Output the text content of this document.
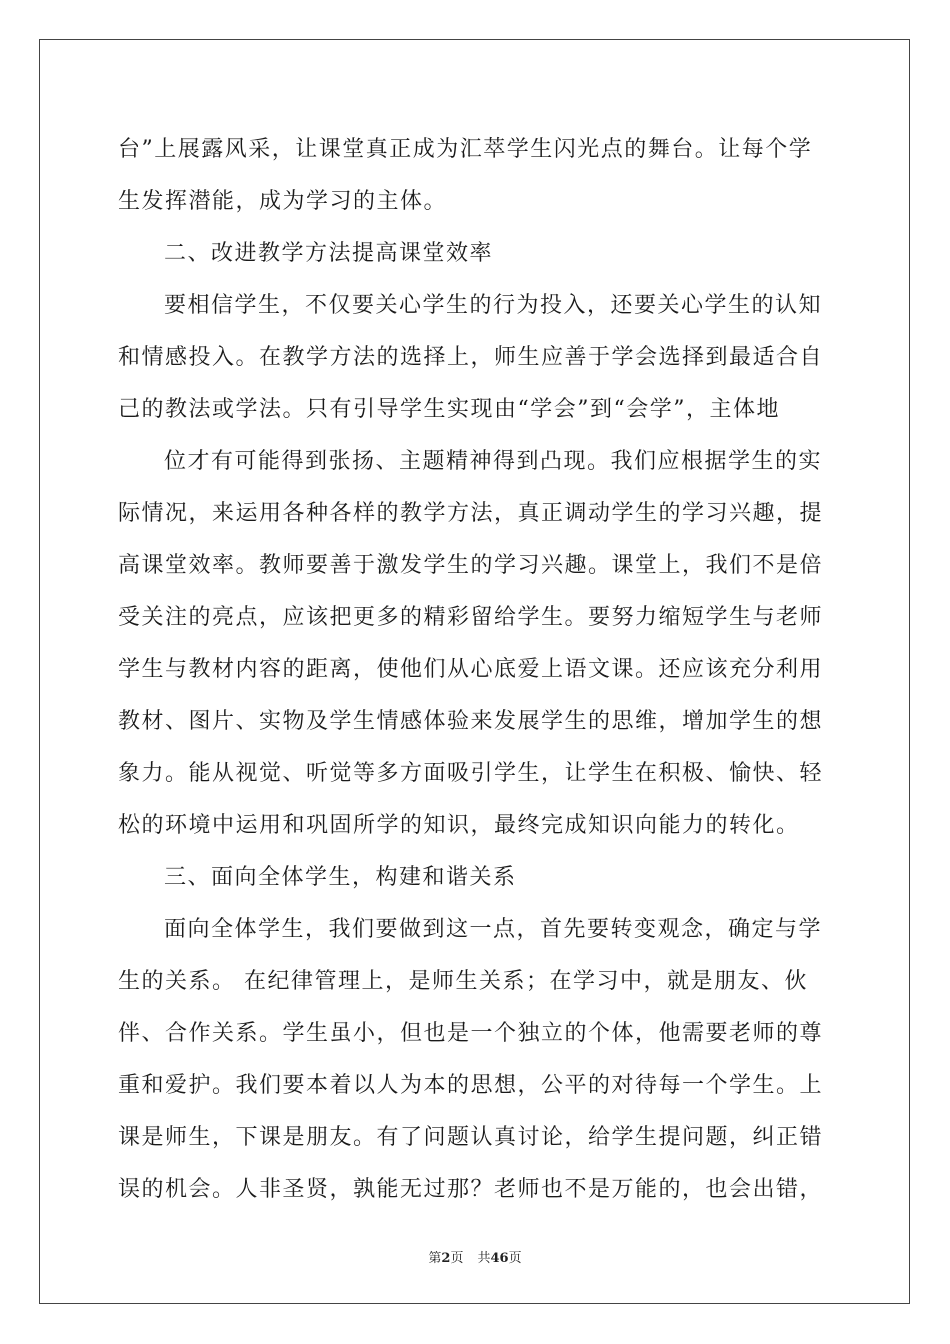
台”上展露风采，让课堂真正成为汇萃学生闪光点的舞台。让每个学
生发挥潜能，成为学习的主体。
二、改进教学方法提高课堂效率
要相信学生，不仅要关心学生的行为投入，还要关心学生的认知
和情感投入。在教学方法的选择上，师生应善于学会选择到最适合自
己的教法或学法。只有引导学生实现由“学会”到“会学”，主体地
位才有可能得到张扬、主题精神得到凸现。我们应根据学生的实
际情况，来运用各种各样的教学方法，真正调动学生的学习兴趣，提
高课堂效率。教师要善于激发学生的学习兴趣。课堂上，我们不是倍
受关注的亮点，应该把更多的精彩留给学生。要努力缩短学生与老师
学生与教材内容的距离，使他们从心底爱上语文课。还应该充分利用
教材、图片、实物及学生情感体验来发展学生的思维，增加学生的想
象力。能从视觉、听觉等多方面吸引学生，让学生在积极、愉快、轻
松的环境中运用和巩固所学的知识，最终完成知识向能力的转化。
三、面向全体学生，构建和谐关系
面向全体学生，我们要做到这一点，首先要转变观念，确定与学
生的关系。 在纪律管理上，是师生关系；在学习中，就是朋友、伙
伴、合作关系。学生虽小，但也是一个独立的个体，他需要老师的尊
重和爱护。我们要本着以人为本的思想，公平的对待每一个学生。上
课是师生，下课是朋友。有了问题认真讨论，给学生提问题，纠正错
误的机会。人非圣贤，孰能无过那？老师也不是万能的，也会出错，
第2页 共46页
